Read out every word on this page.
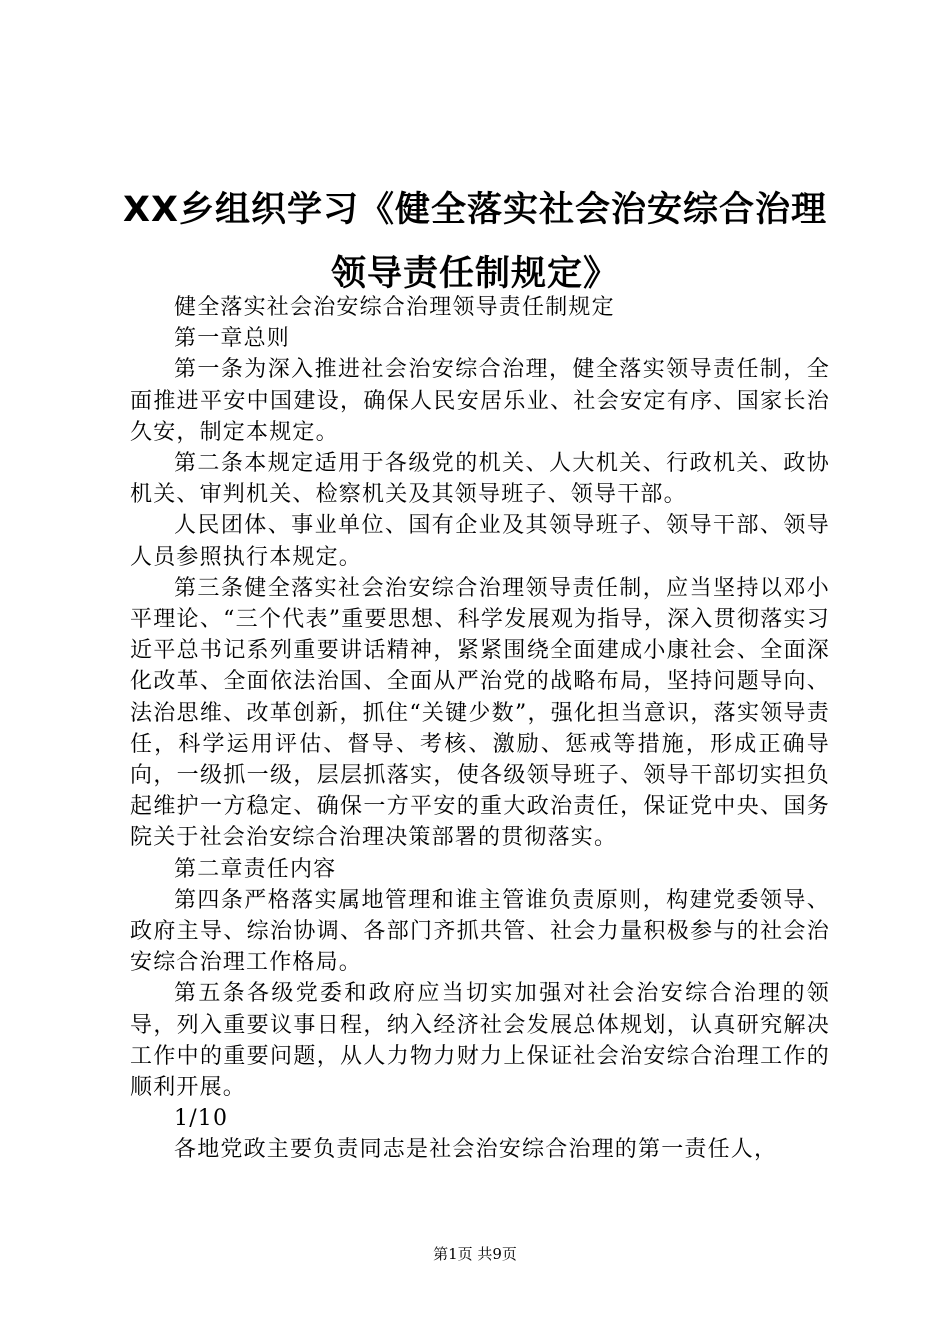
XX乡组织学习《健全落实社会治安综合治理
领导责任制规定》

健全落实社会治安综合治理领导责任制规定

第一章总则

第一条为深入推进社会治安综合治理，健全落实领导责任制，全面推进平安中国建设，确保人民安居乐业、社会安定有序、国家长治久安，制定本规定。

第二条本规定适用于各级党的机关、人大机关、行政机关、政协机关、审判机关、检察机关及其领导班子、领导干部。

人民团体、事业单位、国有企业及其领导班子、领导干部、领导人员参照执行本规定。

第三条健全落实社会治安综合治理领导责任制，应当坚持以邓小平理论、“三个代表”重要思想、科学发展观为指导，深入贯彻落实习近平总书记系列重要讲话精神，紧紧围绕全面建成小康社会、全面深化改革、全面依法治国、全面从严治党的战略布局，坚持问题导向、法治思维、改革创新，抓住“关键少数”，强化担当意识，落实领导责任，科学运用评估、督导、考核、激励、惩戒等措施，形成正确导向，一级抓一级，层层抓落实，使各级领导班子、领导干部切实担负起维护一方稳定、确保一方平安的重大政治责任，保证党中央、国务院关于社会治安综合治理决策部署的贯彻落实。

第二章责任内容

第四条严格落实属地管理和谁主管谁负责原则，构建党委领导、政府主导、综治协调、各部门齐抓共管、社会力量积极参与的社会治安综合治理工作格局。

第五条各级党委和政府应当切实加强对社会治安综合治理的领导，列入重要议事日程，纳入经济社会发展总体规划，认真研究解决工作中的重要问题，从人力物力财力上保证社会治安综合治理工作的顺利开展。

1/10

各地党政主要负责同志是社会治安综合治理的第一责任人，

第1页 共9页
